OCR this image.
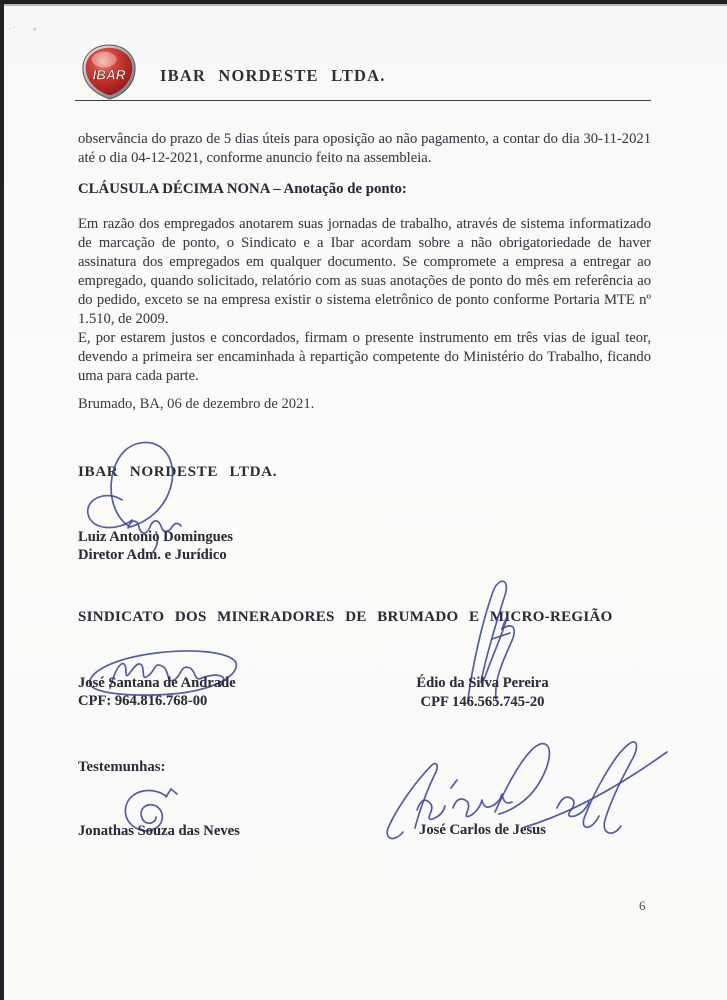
·˙ ˟
IBAR IBAR NORDESTE LTDA.

observância do prazo de 5 dias úteis para oposição ao não pagamento, a contar do dia 30-11-2021 até o dia 04-12-2021, conforme anuncio feito na assembleia.

CLÁUSULA DÉCIMA NONA – Anotação de ponto:

Em razão dos empregados anotarem suas jornadas de trabalho, através de sistema informatizado de marcação de ponto, o Sindicato e a Ibar acordam sobre a não obrigatoriedade de haver assinatura dos empregados em qualquer documento. Se compromete a empresa a entregar ao empregado, quando solicitado, relatório com as suas anotações de ponto do mês em referência ao do pedido, exceto se na empresa existir o sistema eletrônico de ponto conforme Portaria MTE nº 1.510, de 2009.

E, por estarem justos e concordados, firmam o presente instrumento em três vias de igual teor, devendo a primeira ser encaminhada à repartição competente do Ministério do Trabalho, ficando uma para cada parte.

Brumado, BA, 06 de dezembro de 2021.
IBAR NORDESTE LTDA.
Luiz Antonio Domingues
Diretor Adm. e Jurídico
SINDICATO DOS MINERADORES DE BRUMADO E MICRO-REGIÃO
José Santana de Andrade
CPF: 964.816.768-00
Édio da Silva Pereira
CPF 146.565.745-20
Testemunhas:
Jonathas Souza das Neves	José Carlos de Jesus
6
